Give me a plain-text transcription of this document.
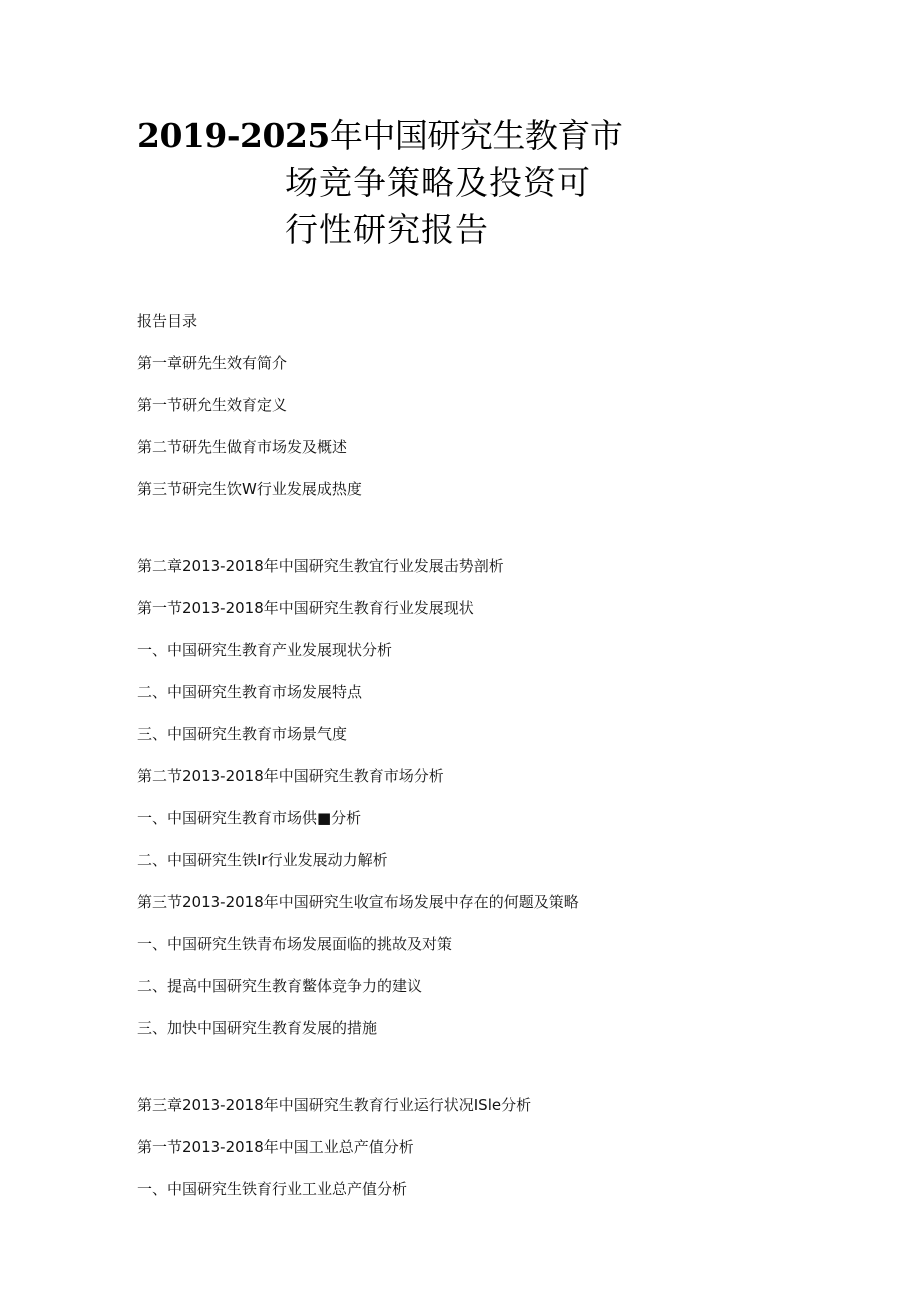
2019-2025年中国研究生教育市
场竞争策略及投资可
行性研究报告
报告目录
第一章研先生效有简介
第一节研允生效育定义
第二节研先生做育市场发及概述
第三节研完生饮W行业发展成热度
第二章2013-2018年中国研究生教宜行业发展击势剖析
第一节2013-2018年中国研究生教育行业发展现状
一、中国研究生教育产业发展现状分析
二、中国研究生教育市场发展特点
三、中国研究生教育市场景气度
第二节2013-2018年中国研究生教育市场分析
一、中国研究生教育市场供■分析
二、中国研究生铁Ir行业发展动力解析
第三节2013-2018年中国研究生收宣布场发展中存在的何题及策略
一、中国研究生铁青布场发展面临的挑故及对策
二、提高中国研究生教育鳖体竞争力的建议
三、加快中国研究生教育发展的措施
第三章2013-2018年中国研究生教育行业运行状况ISle分析
第一节2013-2018年中国工业总产值分析
一、中国研究生铁育行业工业总产值分析
